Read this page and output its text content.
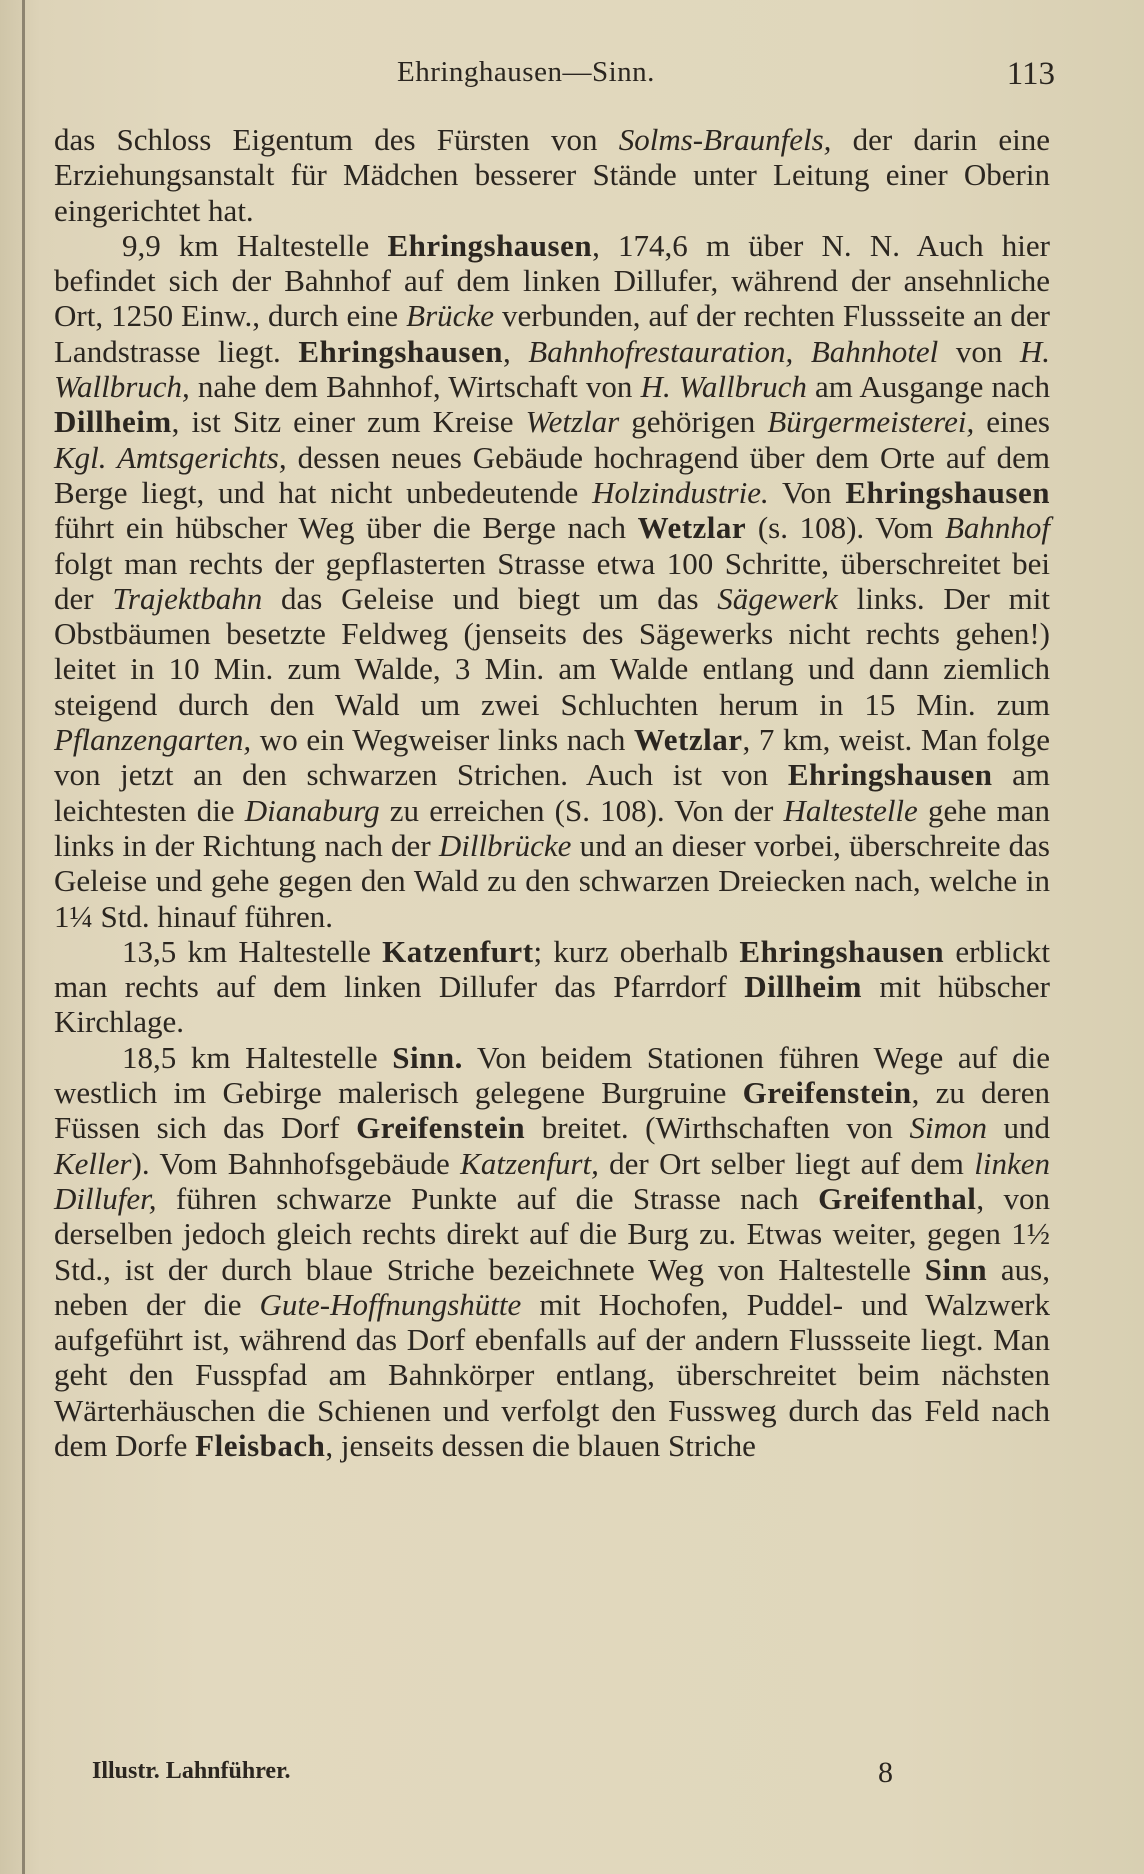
Ehringhausen—Sinn.	113

das Schloss Eigentum des Fürsten von Solms-Braunfels, der darin eine Erziehungsanstalt für Mädchen besserer Stände unter Leitung einer Oberin eingerichtet hat.

9,9 km Haltestelle Ehringshausen, 174,6 m über N. N. Auch hier befindet sich der Bahnhof auf dem linken Dillufer, während der ansehnliche Ort, 1250 Einw., durch eine Brücke verbunden, auf der rechten Flussseite an der Landstrasse liegt. Ehringshausen, Bahnhofrestauration, Bahnhotel von H. Wallbruch, nahe dem Bahnhof, Wirtschaft von H. Wallbruch am Ausgange nach Dillheim, ist Sitz einer zum Kreise Wetzlar gehörigen Bürgermeisterei, eines Kgl. Amtsgerichts, dessen neues Gebäude hochragend über dem Orte auf dem Berge liegt, und hat nicht unbedeutende Holzindustrie. Von Ehringshausen führt ein hübscher Weg über die Berge nach Wetzlar (s. 108). Vom Bahnhof folgt man rechts der gepflasterten Strasse etwa 100 Schritte, überschreitet bei der Trajektbahn das Geleise und biegt um das Sägewerk links. Der mit Obstbäumen besetzte Feldweg (jenseits des Sägewerks nicht rechts gehen!) leitet in 10 Min. zum Walde, 3 Min. am Walde entlang und dann ziemlich steigend durch den Wald um zwei Schluchten herum in 15 Min. zum Pflanzengarten, wo ein Wegweiser links nach Wetzlar, 7 km, weist. Man folge von jetzt an den schwarzen Strichen. Auch ist von Ehringshausen am leichtesten die Dianaburg zu erreichen (S. 108). Von der Haltestelle gehe man links in der Richtung nach der Dillbrücke und an dieser vorbei, überschreite das Geleise und gehe gegen den Wald zu den schwarzen Dreiecken nach, welche in 1¼ Std. hinauf führen.

13,5 km Haltestelle Katzenfurt; kurz oberhalb Ehringshausen erblickt man rechts auf dem linken Dillufer das Pfarrdorf Dillheim mit hübscher Kirchlage.

18,5 km Haltestelle Sinn. Von beidem Stationen führen Wege auf die westlich im Gebirge malerisch gelegene Burgruine Greifenstein, zu deren Füssen sich das Dorf Greifenstein breitet. (Wirthschaften von Simon und Keller). Vom Bahnhofsgebäude Katzenfurt, der Ort selber liegt auf dem linken Dillufer, führen schwarze Punkte auf die Strasse nach Greifenthal, von derselben jedoch gleich rechts direkt auf die Burg zu. Etwas weiter, gegen 1½ Std., ist der durch blaue Striche bezeichnete Weg von Haltestelle Sinn aus, neben der die Gute-Hoffnungshütte mit Hochofen, Puddel- und Walzwerk aufgeführt ist, während das Dorf ebenfalls auf der andern Flussseite liegt. Man geht den Fusspfad am Bahnkörper entlang, überschreitet beim nächsten Wärterhäuschen die Schienen und verfolgt den Fussweg durch das Feld nach dem Dorfe Fleisbach, jenseits dessen die blauen Striche

Illustr. Lahnführer.	8
